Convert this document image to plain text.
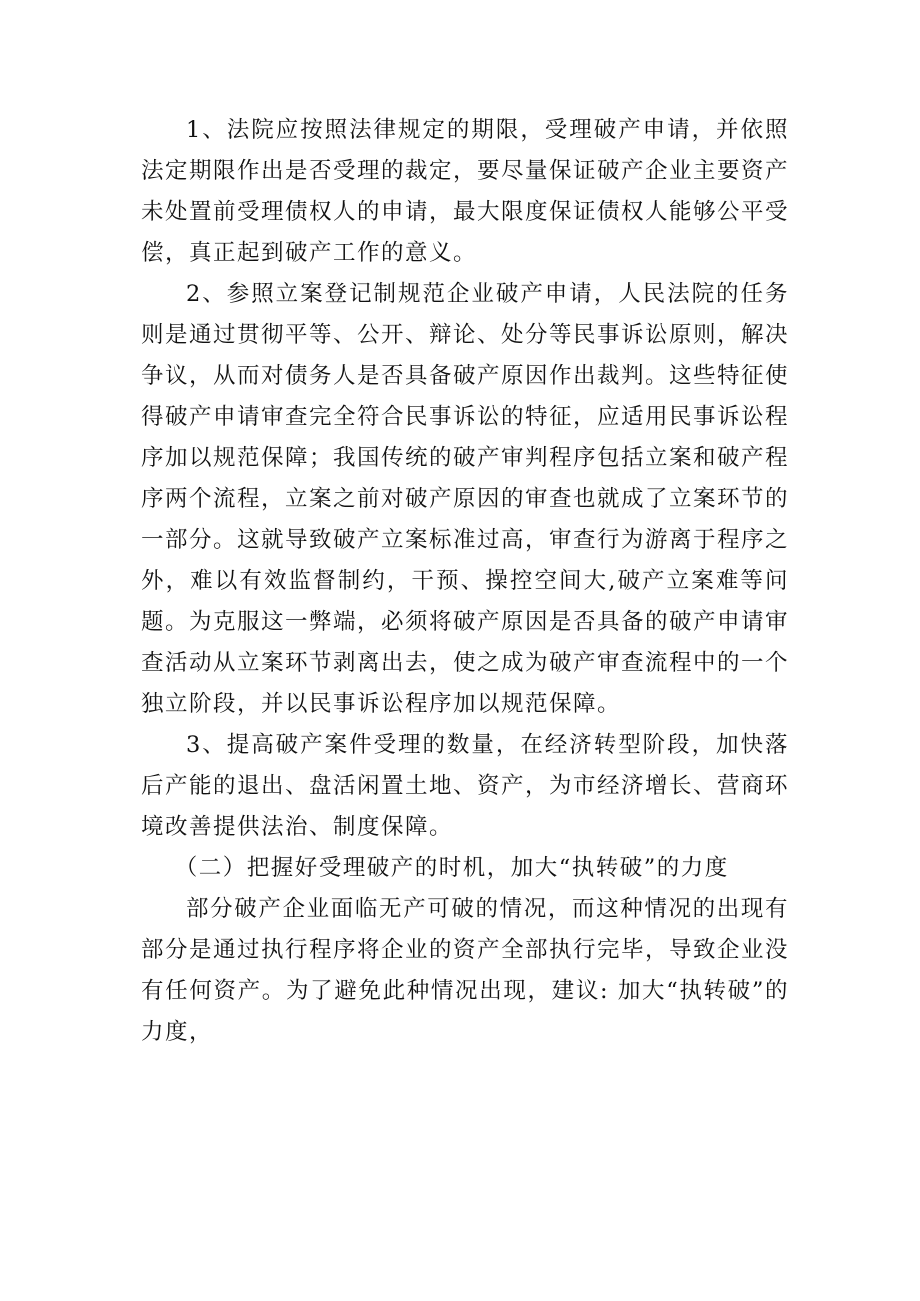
1、法院应按照法律规定的期限，受理破产申请，并依照法定期限作出是否受理的裁定，要尽量保证破产企业主要资产未处置前受理债权人的申请，最大限度保证债权人能够公平受偿，真正起到破产工作的意义。

2、参照立案登记制规范企业破产申请，人民法院的任务则是通过贯彻平等、公开、辩论、处分等民事诉讼原则，解决争议，从而对债务人是否具备破产原因作出裁判。这些特征使得破产申请审查完全符合民事诉讼的特征，应适用民事诉讼程序加以规范保障；我国传统的破产审判程序包括立案和破产程序两个流程，立案之前对破产原因的审查也就成了立案环节的一部分。这就导致破产立案标准过高，审查行为游离于程序之外，难以有效监督制约，干预、操控空间大,破产立案难等问题。为克服这一弊端，必须将破产原因是否具备的破产申请审查活动从立案环节剥离出去，使之成为破产审查流程中的一个独立阶段，并以民事诉讼程序加以规范保障。

3、提高破产案件受理的数量，在经济转型阶段，加快落后产能的退出、盘活闲置土地、资产，为市经济增长、营商环境改善提供法治、制度保障。

（二）把握好受理破产的时机，加大“执转破”的力度

部分破产企业面临无产可破的情况，而这种情况的出现有部分是通过执行程序将企业的资产全部执行完毕，导致企业没有任何资产。为了避免此种情况出现，建议: 加大“执转破”的力度，
